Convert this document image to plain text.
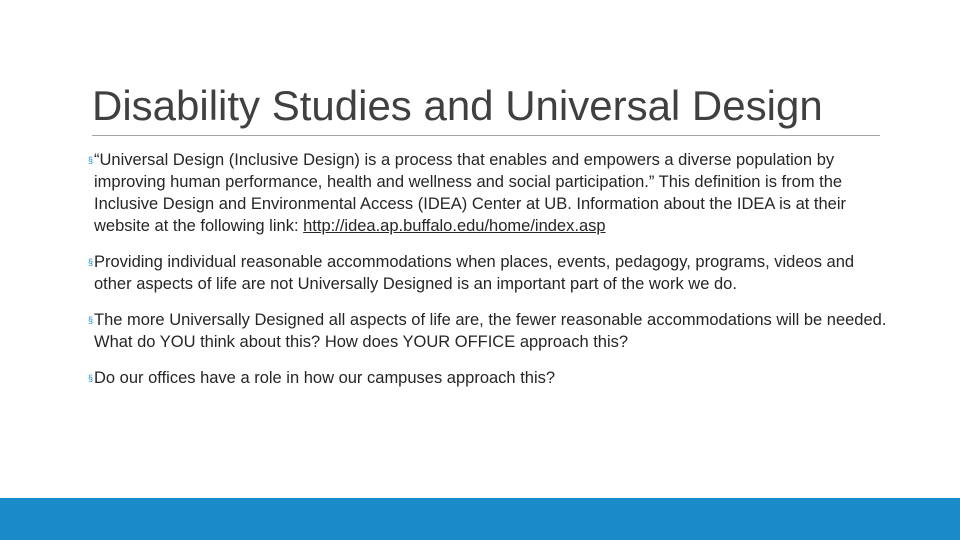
Disability Studies and Universal Design
§ “Universal Design (Inclusive Design) is a process that enables and empowers a diverse population by improving human performance, health and wellness and social participation.” This definition is from the Inclusive Design and Environmental Access (IDEA) Center at UB. Information about the IDEA is at their website at the following link: http://idea.ap.buffalo.edu/home/index.asp
§ Providing individual reasonable accommodations when places, events, pedagogy, programs, videos and other aspects of life are not Universally Designed is an important part of the work we do.
§ The more Universally Designed all aspects of life are, the fewer reasonable accommodations will be needed. What do YOU think about this? How does YOUR OFFICE approach this?
§ Do our offices have a role in how our campuses approach this?
